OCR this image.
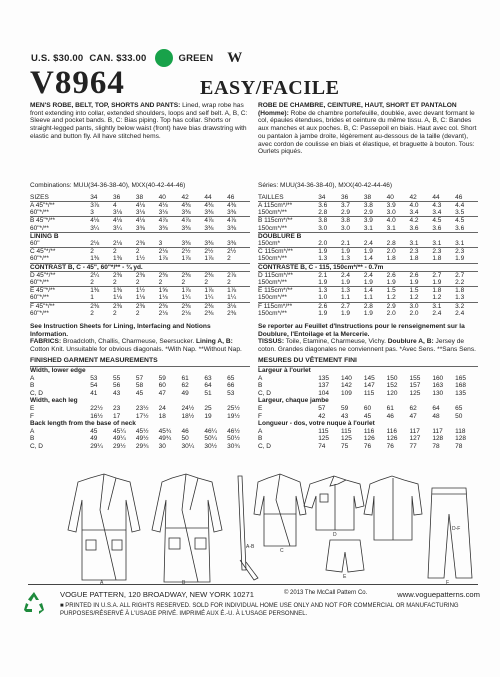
U.S. $30.00 CAN. $33.00	GREEN W
V8964	EASY/FACILE
MEN'S ROBE, BELT, TOP, SHORTS AND PANTS: Lined, wrap robe has front extending into collar, extended shoulders, loops and self belt. A, B, C: Sleeve and pocket bands. B, C: Bias piping. Top has collar. Shorts or straight-legged pants, slightly below waist (front) have bias drawstring with elastic and button fly. All have stitched hems.
Combinations: MUU(34-36-38-40), MXX(40-42-44-46)
SIZES	34	36	38	40	42	44	46
A 45"*/**	3⅞	4	4⅛	4⅛	4⅜	4⅜	4⅜
60"*/**	3	3⅛	3⅛	3⅛	3⅜	3⅜	3⅜
B 45"*/**	4⅛	4⅛	4⅛	4⅞	4⅞	4⅞	4⅞
60"*/**	3¼	3¼	3⅜	3⅜	3⅜	3⅜	3⅜
LINING B							
60"	2⅛	2⅛	2⅜	3	3⅜	3⅜	3⅜
C 45"*/**	2	2	2	2⅛	2½	2½	2½
60"*/**	1⅜	1⅜	1½	1⅞	1⅞	1⅞	2
CONTRAST B, C - 45", 60"*/** - ¾ yd.							
D 45"*/**	2¼	2⅜	2⅜	2⅜	2⅜	2⅜	2⅞
60"*/**	2	2	2	2	2	2	2
E 45"*/**	1⅜	1⅜	1½	1⅝	1⅞	1⅞	1⅞
60"*/**	1	1⅛	1⅛	1⅛	1¼	1¼	1¼
F 45"*/**	2⅜	2⅜	2⅜	2⅜	2⅜	2⅜	3⅛
60"*/**	2	2	2	2⅛	2⅛	2⅜	2⅜
See Instruction Sheets for Lining, Interfacing and Notions Information.
FABRICS: Broadcloth, Challis, Charmeuse, Seersucker. Lining A, B: Cotton Knit. Unsuitable for obvious diagonals. *With Nap. **Without Nap.
FINISHED GARMENT MEASUREMENTS
Width, lower edge							
A	53	55	57	59	61	63	65
B	54	56	58	60	62	64	66
C, D	41	43	45	47	49	51	53
Width, each leg							
E	22½	23	23½	24	24½	25	25½
F	16½	17	17½	18	18½	19	19½
Back length from the base of neck							
A	45	45¼	45½	45¾	46	46¼	46½
B	49	49¼	49½	49¾	50	50¼	50½
C, D	29¼	29½	29¾	30	30¼	30½	30¾
ROBE DE CHAMBRE, CEINTURE, HAUT, SHORT ET PANTALON (Homme): Robe de chambre portefeuille, doublée, avec devant formant le col, épaules étendues, brides et ceinture du même tissu. A, B, C: Bandes aux manches et aux poches. B, C: Passepoil en biais. Haut avec col. Short ou pantalon à jambe droite, légèrement au-dessous de la taille (devant), avec cordon de coulisse en biais et élastique, et braguette à bouton. Tous: Ourlets piqués.
Séries: MUU(34-36-38-40), MXX(40-42-44-46)
TAILLES	34	36	38	40	42	44	46
A 115cm*/**	3.6	3.7	3.8	3.9	4.0	4.3	4.4
150cm*/**	2.8	2.9	2.9	3.0	3.4	3.4	3.5
B 115cm*/**	3.8	3.8	3.9	4.0	4.2	4.5	4.5
150cm*/**	3.0	3.0	3.1	3.1	3.6	3.6	3.6
DOUBLURE B							
150cm*	2.0	2.1	2.4	2.8	3.1	3.1	3.1
C 115cm*/**	1.9	1.9	1.9	2.0	2.3	2.3	2.3
150cm*/**	1.3	1.3	1.4	1.8	1.8	1.8	1.9
CONTRASTE B, C - 115, 150cm*/** - 0.7m							
D 115cm*/**	2.1	2.4	2.4	2.6	2.6	2.7	2.7
150cm*/**	1.9	1.9	1.9	1.9	1.9	1.9	2.2
E 115cm*/**	1.3	1.3	1.4	1.5	1.5	1.8	1.8
150cm*/**	1.0	1.1	1.1	1.2	1.2	1.2	1.3
F 115cm*/**	2.6	2.7	2.8	2.9	3.0	3.1	3.2
150cm*/**	1.9	1.9	1.9	2.0	2.0	2.4	2.4
Se reporter au Feuillet d'Instructions pour le renseignement sur la Doublure, l'Entoilage et la Mercerie.
TISSUS: Toile, Etamine, Charmeuse, Vichy. Doublure A, B: Jersey de coton. Grandes diagonales ne conviennent pas. *Avec Sens. **Sans Sens.
MESURES DU VÊTEMENT FINI
Largeur à l'ourlet							
A	135	140	145	150	155	160	165
B	137	142	147	152	157	163	168
C, D	104	109	115	120	125	130	135
Largeur, chaque jambe							
E	57	59	60	61	62	64	65
F	42	43	45	46	47	48	50
Longueur - dos, votre nuque à l'ourlet							
A	115	115	116	116	117	117	118
B	125	125	126	126	127	128	128
C, D	74	75	76	76	77	78	78
A	B
C
D
E
F
A-B
D-F
VOGUE PATTERN, 120 BROADWAY, NEW YORK 10271	© 2013 The McCall Pattern Co.	www.voguepatterns.com
■ PRINTED IN U.S.A. ALL RIGHTS RESERVED. SOLD FOR INDIVIDUAL HOME USE ONLY AND NOT FOR COMMERCIAL OR MANUFACTURING PURPOSES/RÉSERVÉ À L'USAGE PRIVÉ. IMPRIMÉ AUX É.-U. À L'USAGE PERSONNEL.
